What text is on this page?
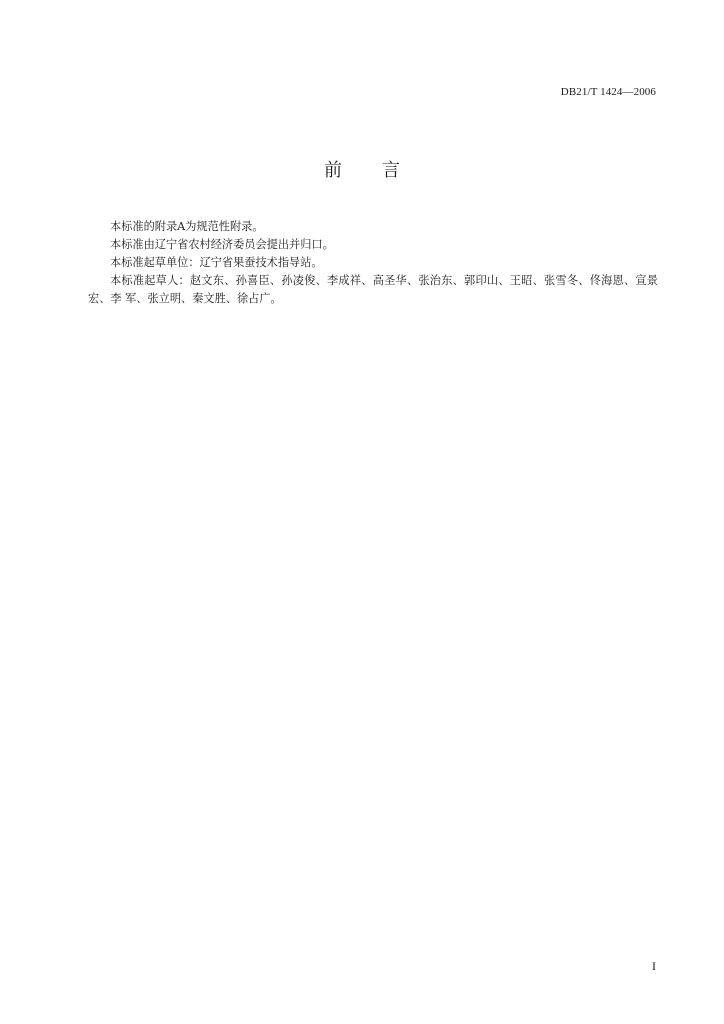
DB21/T 1424—2006
前言

本标准的附录A为规范性附录。

本标准由辽宁省农村经济委员会提出并归口。

本标准起草单位：辽宁省果蚕技术指导站。

本标准起草人：赵文东、孙喜臣、孙凌俊、李成祥、高圣华、张治东、郭印山、王昭、张雪冬、佟海恩、宣景宏、李 军、张立明、秦文胜、徐占广。

I
